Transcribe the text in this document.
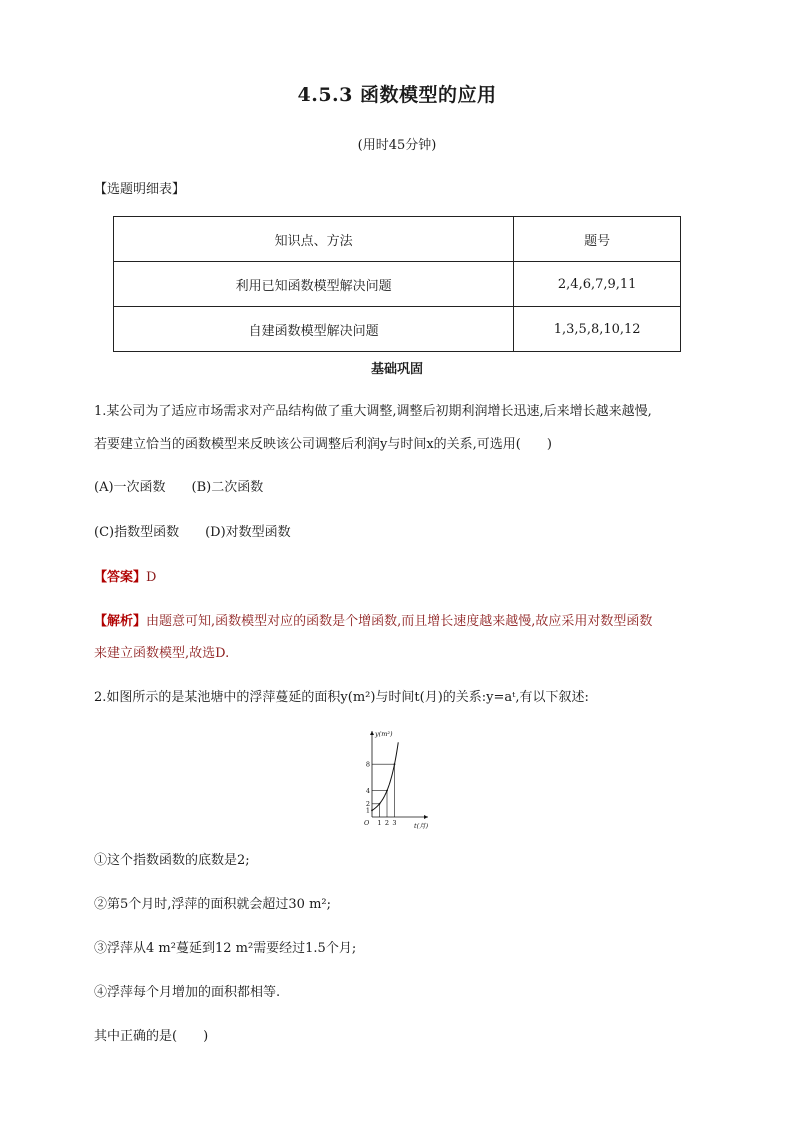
4.5.3 函数模型的应用
(用时45分钟)
【选题明细表】
知识点、方法	题号
利用已知函数模型解决问题	2,4,6,7,9,11
自建函数模型解决问题	1,3,5,8,10,12
基础巩固
1.某公司为了适应市场需求对产品结构做了重大调整,调整后初期利润增长迅速,后来增长越来越慢,
若要建立恰当的函数模型来反映该公司调整后利润y与时间x的关系,可选用(　　)
(A)一次函数　　(B)二次函数
(C)指数型函数　　(D)对数型函数
【答案】D
【解析】由题意可知,函数模型对应的函数是个增函数,而且增长速度越来越慢,故应采用对数型函数
来建立函数模型,故选D.
2.如图所示的是某池塘中的浮萍蔓延的面积y(m²)与时间t(月)的关系:y=aᵗ,有以下叙述:
y(m²)
t(月)
O
1
2
4
8
1 2 3
①这个指数函数的底数是2;
②第5个月时,浮萍的面积就会超过30 m²;
③浮萍从4 m²蔓延到12 m²需要经过1.5个月;
④浮萍每个月增加的面积都相等.
其中正确的是(　　)
